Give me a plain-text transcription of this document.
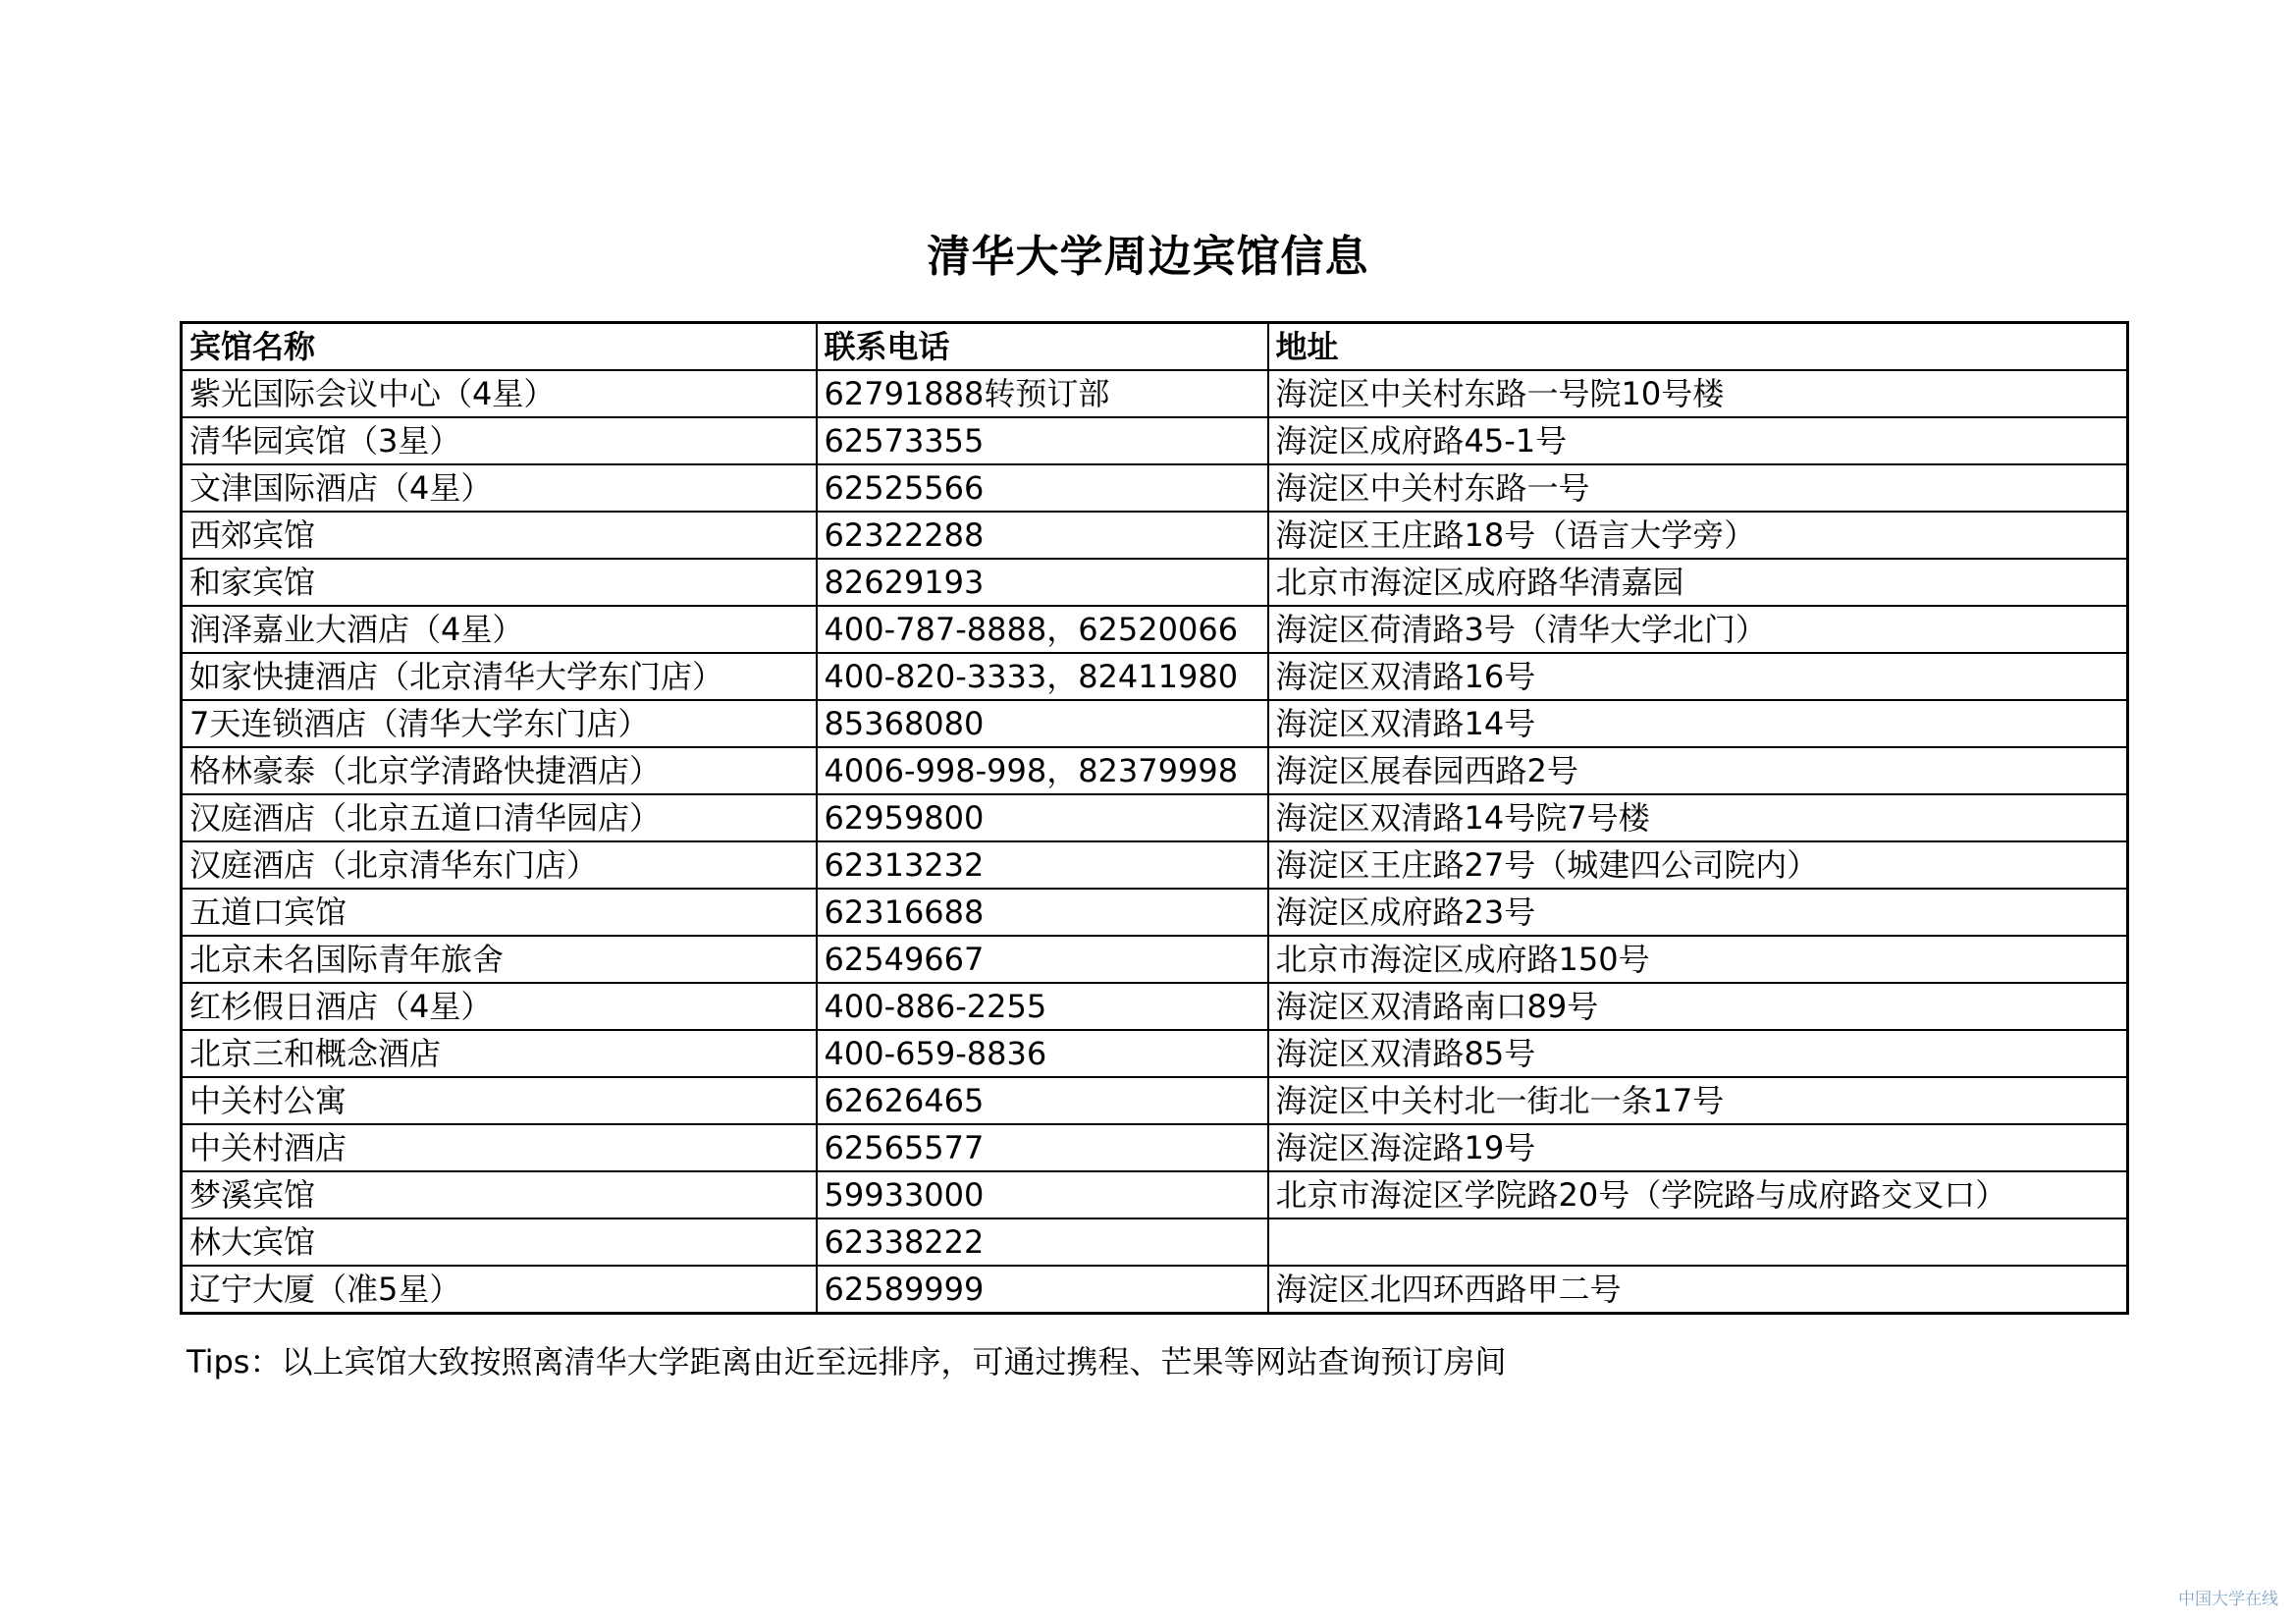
清华大学周边宾馆信息
宾馆名称	联系电话	地址
紫光国际会议中心（4星）	62791888转预订部	海淀区中关村东路一号院10号楼
清华园宾馆（3星）	62573355	海淀区成府路45-1号
文津国际酒店（4星）	62525566	海淀区中关村东路一号
西郊宾馆	62322288	海淀区王庄路18号（语言大学旁）
和家宾馆	82629193	北京市海淀区成府路华清嘉园
润泽嘉业大酒店（4星）	400-787-8888，62520066	海淀区荷清路3号（清华大学北门）
如家快捷酒店（北京清华大学东门店）	400-820-3333，82411980	海淀区双清路16号
7天连锁酒店（清华大学东门店）	85368080	海淀区双清路14号
格林豪泰（北京学清路快捷酒店）	4006-998-998，82379998	海淀区展春园西路2号
汉庭酒店（北京五道口清华园店）	62959800	海淀区双清路14号院7号楼
汉庭酒店（北京清华东门店）	62313232	海淀区王庄路27号（城建四公司院内）
五道口宾馆	62316688	海淀区成府路23号
北京未名国际青年旅舍	62549667	北京市海淀区成府路150号
红杉假日酒店（4星）	400-886-2255	海淀区双清路南口89号
北京三和概念酒店	400-659-8836	海淀区双清路85号
中关村公寓	62626465	海淀区中关村北一街北一条17号
中关村酒店	62565577	海淀区海淀路19号
梦溪宾馆	59933000	北京市海淀区学院路20号（学院路与成府路交叉口）
林大宾馆	62338222	
辽宁大厦（准5星）	62589999	海淀区北四环西路甲二号
Tips：以上宾馆大致按照离清华大学距离由近至远排序，可通过携程、芒果等网站查询预订房间
中国大学在线
